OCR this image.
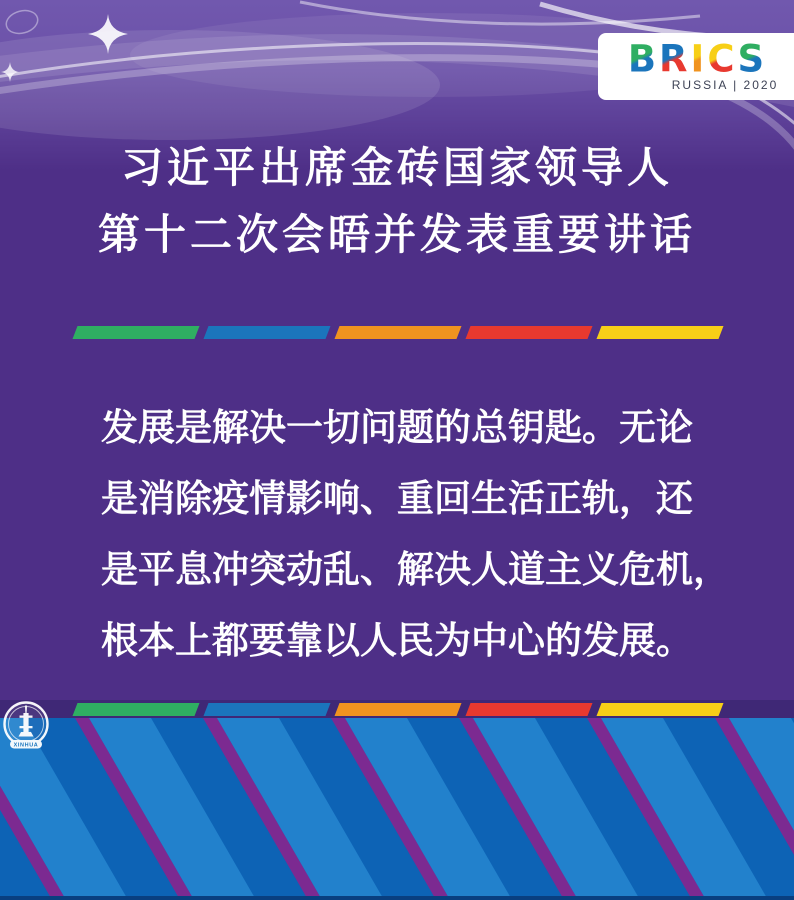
B R I C S
RUSSIA | 2020
习近平出席金砖国家领导人
第十二次会晤并发表重要讲话
发展是解决一切问题的总钥匙。无论
是消除疫情影响、重回生活正轨，还
是平息冲突动乱、解决人道主义危机，
根本上都要靠以人民为中心的发展。
XINHUA
